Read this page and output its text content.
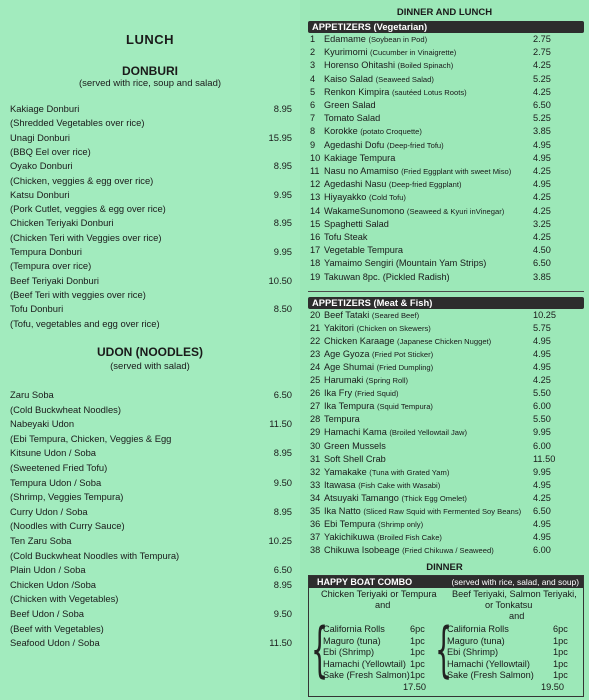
LUNCH
DONBURI
(served with rice, soup and salad)
Kakiage Donburi	8.95
(Shredded Vegetables over rice)
Unagi Donburi	15.95
(BBQ Eel over rice)
Oyako Donburi	8.95
(Chicken, veggies & egg over rice)
Katsu Donburi	9.95
(Pork Cutlet, veggies & egg over rice)
Chicken Teriyaki Donburi	8.95
(Chicken Teri with Veggies over rice)
Tempura Donburi	9.95
(Tempura over rice)
Beef Teriyaki Donburi	10.50
(Beef Teri with veggies over rice)
Tofu Donburi	8.50
(Tofu, vegetables and egg over rice)
UDON (NOODLES)
(served with salad)
Zaru Soba	6.50
(Cold Buckwheat Noodles)
Nabeyaki Udon	11.50
(Ebi Tempura, Chicken, Veggies & Egg
Kitsune Udon / Soba	8.95
(Sweetened Fried Tofu)
Tempura Udon / Soba	9.50
(Shrimp, Veggies Tempura)
Curry Udon / Soba	8.95
(Noodles with Curry Sauce)
Ten Zaru Soba	10.25
(Cold Buckwheat Noodles with Tempura)
Plain Udon / Soba	6.50
Chicken Udon /Soba	8.95
(Chicken with Vegetables)
Beef Udon / Soba	9.50
(Beef with Vegetables)
Seafood Udon / Soba	11.50
DINNER AND LUNCH
APPETIZERS (Vegetarian)
1 Edamame (Soybean in Pod)	2.75
2 Kyurimomi (Cucumber in Vinaigrette)	2.75
3 Horenso Ohitashi (Boiled Spinach)	4.25
4 Kaiso Salad (Seaweed Salad)	5.25
5 Renkon Kimpira (sautéed Lotus Roots)	4.25
6 Green Salad	6.50
7 Tomato Salad	5.25
8 Korokke (potato Croquette)	3.85
9 Agedashi Dofu (Deep-fried Tofu)	4.95
10 Kakiage Tempura	4.95
11 Nasu no Amamiso (Fried Eggplant with sweet Miso) 4.25
12 Agedashi Nasu (Deep-fried Eggplant)	4.95
13 Hiyayakko (Cold Tofu)	4.25
14 WakameSunomono (Seaweed & Kyuri inVinegar)	4.25
15 Spaghetti Salad	3.25
16 Tofu Steak	4.25
17 Vegetable Tempura	4.50
18 Yamaimo Sengiri (Mountain Yam Strips)	6.50
19 Takuwan 8pc. (Pickled Radish)	3.85
APPETIZERS (Meat & Fish)
20 Beef Tataki (Seared Beef)	10.25
21 Yakitori (Chicken on Skewers)	5.75
22 Chicken Karaage (Japanese Chicken Nugget)	4.95
23 Age Gyoza (Fried Pot Sticker)	4.95
24 Age Shumai (Fried Dumpling)	4.95
25 Harumaki (Spring Roll)	4.25
26 Ika Fry (Fried Squid)	5.50
27 Ika Tempura (Squid Tempura)	6.00
28 Tempura	5.50
29 Hamachi Kama (Broiled Yellowtail Jaw)	9.95
30 Green Mussels	6.00
31 Soft Shell Crab	11.50
32 Yamakake (Tuna with Grated Yam)	9.95
33 Itawasa (Fish Cake with Wasabi)	4.95
34 Atsuyaki Tamango (Thick Egg Omelet)	4.25
35 Ika Natto (Sliced Raw Squid with Fermented Soy Beans) 6.50
36 Ebi Tempura (Shrimp only)	4.95
37 Yakichikuwa (Broiled Fish Cake)	4.95
38 Chikuwa Isobeage (Fried Chikuwa / Seaweed)	6.00
DINNER
HAPPY BOAT COMBO	(served with rice, salad, and soup)
Chicken Teriyaki or Tempura
and
Beef Teriyaki, Salmon Teriyaki,
or Tonkatsu
and
{ {
California Rolls	6pc
Maguro (tuna)	1pc
Ebi (Shrimp)	1pc
Hamachi (Yellowtail) 1pc
Sake (Fresh Salmon) 1pc
California Rolls	6pc
Maguro (tuna)	1pc
Ebi (Shrimp)	1pc
Hamachi (Yellowtail)	1pc
Sake (Fresh Salmon) 1pc
17.50	19.50
